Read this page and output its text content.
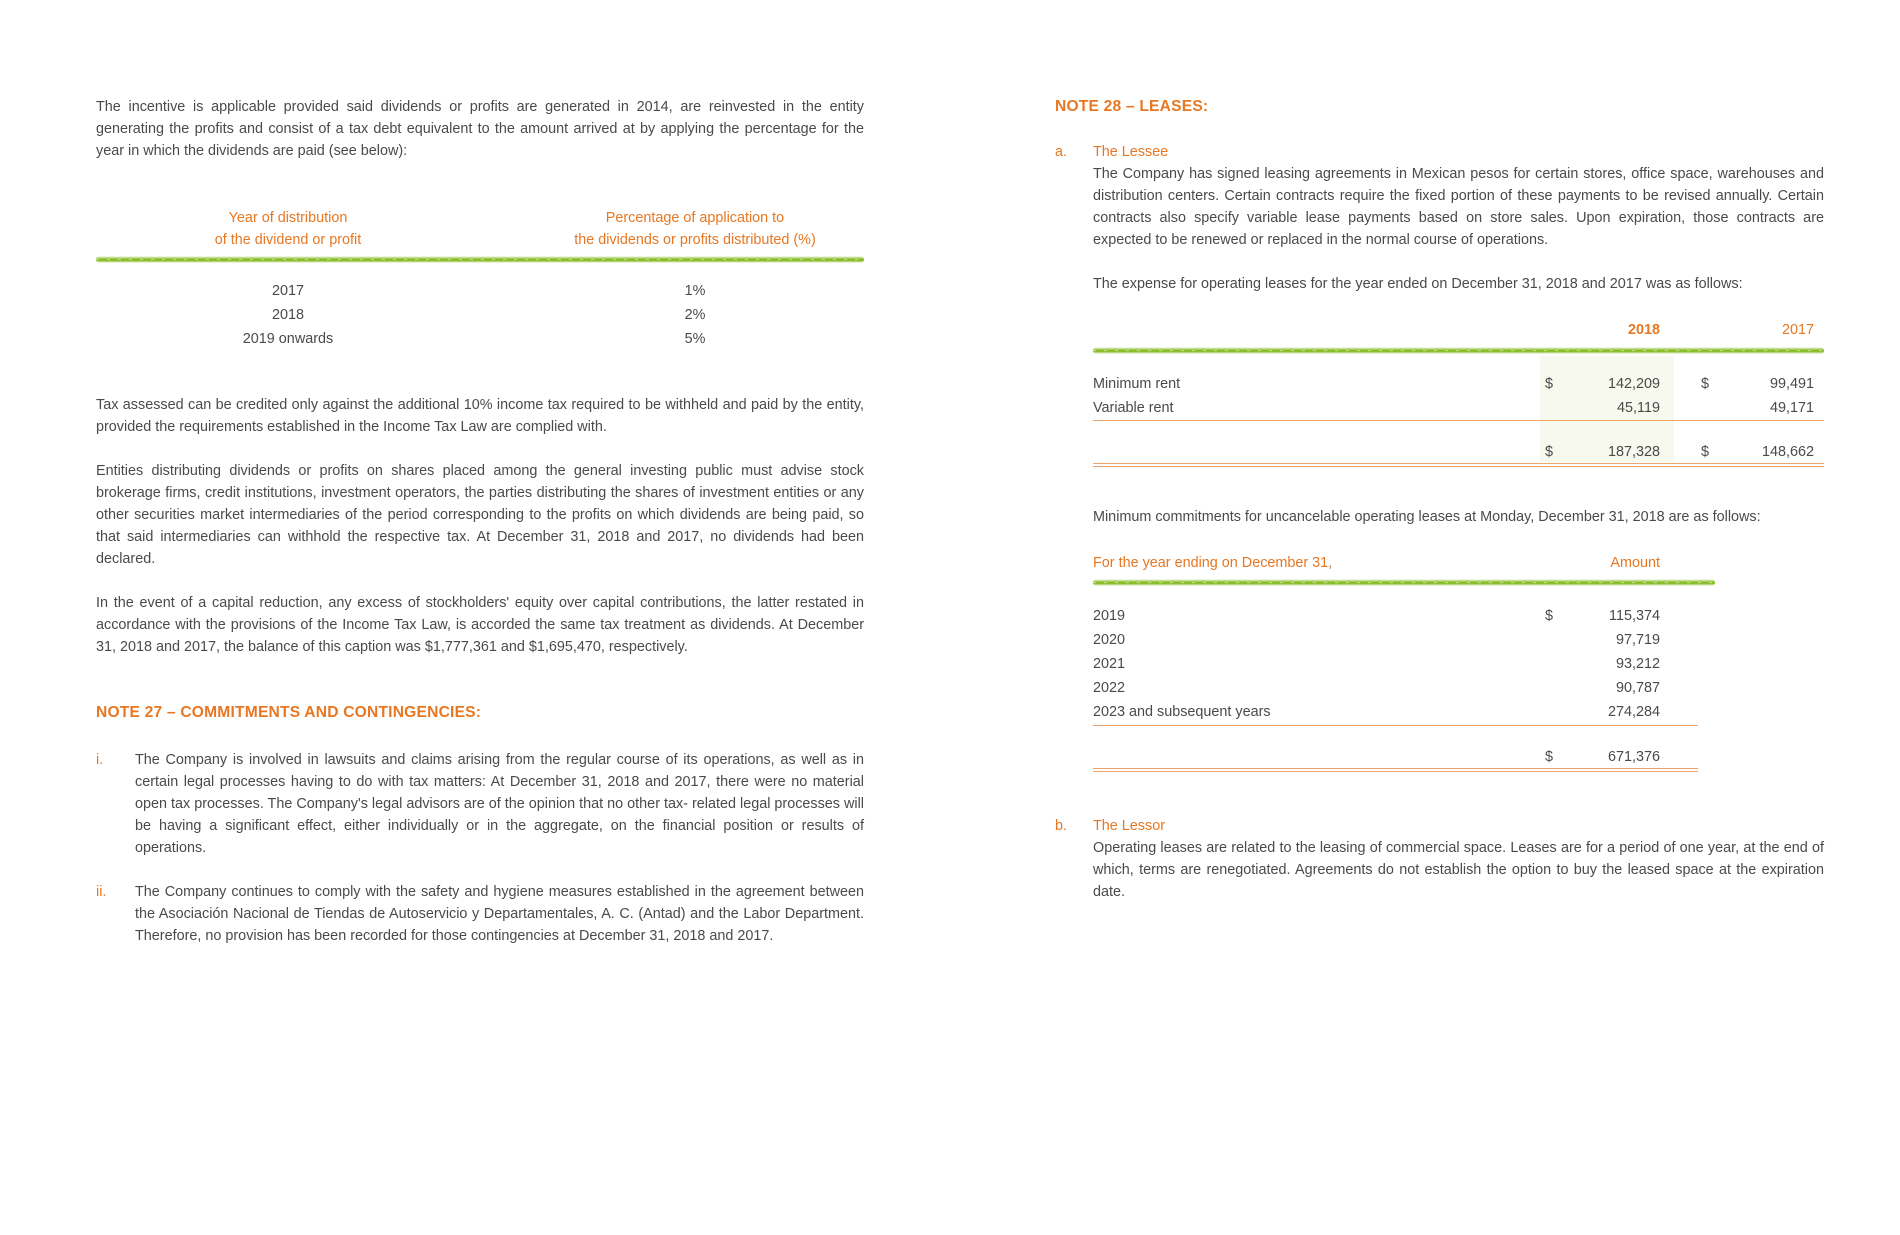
The incentive is applicable provided said dividends or profits are generated in 2014, are reinvested in the entity generating the profits and consist of a tax debt equivalent to the amount arrived at by applying the percentage for the year in which the dividends are paid (see below):

Year of distribution
of the dividend or profit
Percentage of application to
the dividends or profits distributed (%)
2017	1%
2018	2%
2019 onwards	5%

Tax assessed can be credited only against the additional 10% income tax required to be withheld and paid by the entity, provided the requirements established in the Income Tax Law are complied with.

Entities distributing dividends or profits on shares placed among the general investing public must advise stock brokerage firms, credit institutions, investment operators, the parties distributing the shares of investment entities or any other securities market intermediaries of the period corresponding to the profits on which dividends are being paid, so that said intermediaries can withhold the respective tax. At December 31, 2018 and 2017, no dividends had been declared.

In the event of a capital reduction, any excess of stockholders' equity over capital contributions, the latter restated in accordance with the provisions of the Income Tax Law, is accorded the same tax treatment as dividends. At December 31, 2018 and 2017, the balance of this caption was $1,777,361 and $1,695,470, respectively.

NOTE 27 – COMMITMENTS AND CONTINGENCIES:
i. The Company is involved in lawsuits and claims arising from the regular course of its operations, as well as in certain legal processes having to do with tax matters: At December 31, 2018 and 2017, there were no material open tax processes. The Company's legal advisors are of the opinion that no other tax- related legal processes will be having a significant effect, either individually or in the aggregate, on the financial position or results of operations.

ii. The Company continues to comply with the safety and hygiene measures established in the agreement between the Asociación Nacional de Tiendas de Autoservicio y Departamentales, A. C. (Antad) and the Labor Department. Therefore, no provision has been recorded for those contingencies at December 31, 2018 and 2017.

NOTE 28 – LEASES:
a. The Lessee

The Company has signed leasing agreements in Mexican pesos for certain stores, office space, warehouses and distribution centers. Certain contracts require the fixed portion of these payments to be revised annually. Certain contracts also specify variable lease payments based on store sales. Upon expiration, those contracts are expected to be renewed or replaced in the normal course of operations.

The expense for operating leases for the year ended on December 31, 2018 and 2017 was as follows:

2018	2017
Minimum rent	$	142,209	$	99,491
Variable rent	45,119	49,171
$	187,328	$	148,662

Minimum commitments for uncancelable operating leases at Monday, December 31, 2018 are as follows:

For the year ending on December 31,	Amount
2019	$	115,374
2020	97,719
2021	93,212
2022	90,787
2023 and subsequent years	274,284
$	671,376
b. The Lessor

Operating leases are related to the leasing of commercial space. Leases are for a period of one year, at the end of which, terms are renegotiated. Agreements do not establish the option to buy the leased space at the expiration date.
